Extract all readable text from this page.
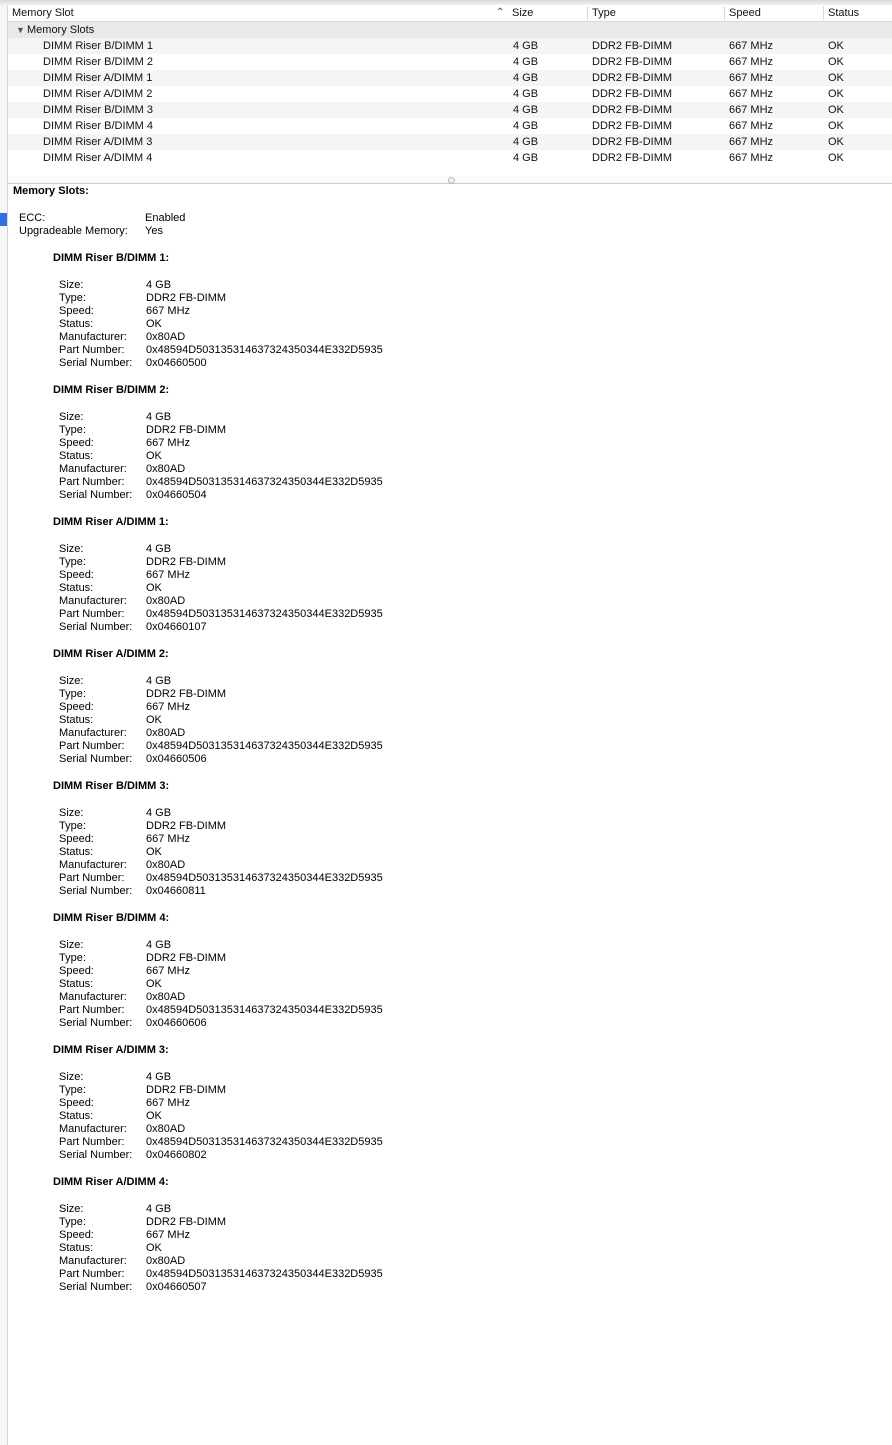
Memory Slot	⌃ Size	Type	Speed	Status
▼ Memory Slots
DIMM Riser B/DIMM 1	4 GB	DDR2 FB-DIMM	667 MHz	OK
DIMM Riser B/DIMM 2	4 GB	DDR2 FB-DIMM	667 MHz	OK
DIMM Riser A/DIMM 1	4 GB	DDR2 FB-DIMM	667 MHz	OK
DIMM Riser A/DIMM 2	4 GB	DDR2 FB-DIMM	667 MHz	OK
DIMM Riser B/DIMM 3	4 GB	DDR2 FB-DIMM	667 MHz	OK
DIMM Riser B/DIMM 4	4 GB	DDR2 FB-DIMM	667 MHz	OK
DIMM Riser A/DIMM 3	4 GB	DDR2 FB-DIMM	667 MHz	OK
DIMM Riser A/DIMM 4	4 GB	DDR2 FB-DIMM	667 MHz	OK
Memory Slots:
ECC:	Enabled
Upgradeable Memory: Yes
DIMM Riser B/DIMM 1:
Size:	4 GB
Type:	DDR2 FB-DIMM
Speed:	667 MHz
Status:	OK
Manufacturer: 0x80AD
Part Number: 0x48594D503135314637324350344E332D5935
Serial Number: 0x04660500
DIMM Riser B/DIMM 2:
Size:	4 GB
Type:	DDR2 FB-DIMM
Speed:	667 MHz
Status:	OK
Manufacturer: 0x80AD
Part Number: 0x48594D503135314637324350344E332D5935
Serial Number: 0x04660504
DIMM Riser A/DIMM 1:
Size:	4 GB
Type:	DDR2 FB-DIMM
Speed:	667 MHz
Status:	OK
Manufacturer: 0x80AD
Part Number: 0x48594D503135314637324350344E332D5935
Serial Number: 0x04660107
DIMM Riser A/DIMM 2:
Size:	4 GB
Type:	DDR2 FB-DIMM
Speed:	667 MHz
Status:	OK
Manufacturer: 0x80AD
Part Number: 0x48594D503135314637324350344E332D5935
Serial Number: 0x04660506
DIMM Riser B/DIMM 3:
Size:	4 GB
Type:	DDR2 FB-DIMM
Speed:	667 MHz
Status:	OK
Manufacturer: 0x80AD
Part Number: 0x48594D503135314637324350344E332D5935
Serial Number: 0x04660811
DIMM Riser B/DIMM 4:
Size:	4 GB
Type:	DDR2 FB-DIMM
Speed:	667 MHz
Status:	OK
Manufacturer: 0x80AD
Part Number: 0x48594D503135314637324350344E332D5935
Serial Number: 0x04660606
DIMM Riser A/DIMM 3:
Size:	4 GB
Type:	DDR2 FB-DIMM
Speed:	667 MHz
Status:	OK
Manufacturer: 0x80AD
Part Number: 0x48594D503135314637324350344E332D5935
Serial Number: 0x04660802
DIMM Riser A/DIMM 4:
Size:	4 GB
Type:	DDR2 FB-DIMM
Speed:	667 MHz
Status:	OK
Manufacturer: 0x80AD
Part Number: 0x48594D503135314637324350344E332D5935
Serial Number: 0x04660507
